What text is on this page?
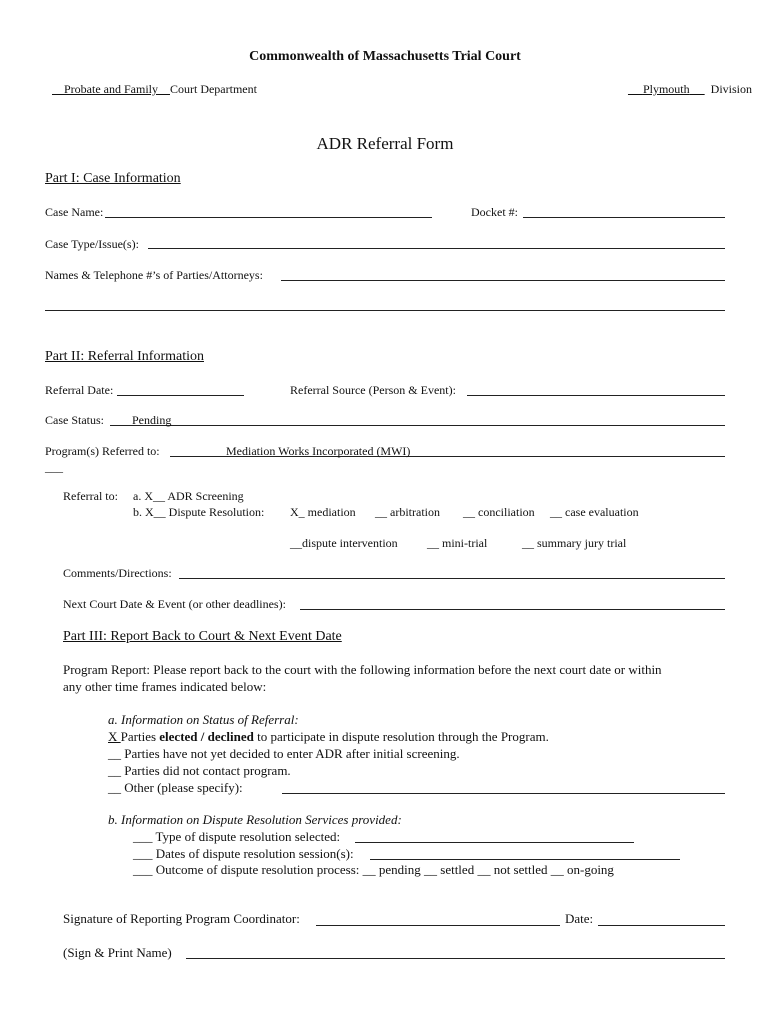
Commonwealth of Massachusetts Trial Court
Probate and Family Court Department	Plymouth Division
ADR Referral Form
Part I: Case Information
Case Name:	Docket #:
Case Type/Issue(s):
Names & Telephone #’s of Parties/Attorneys:
Part II: Referral Information
Referral Date:	Referral Source (Person & Event):
Case Status: Pending
Program(s) Referred to:	Mediation Works Incorporated (MWI)
___
Referral to: a. X__ ADR Screening
b. X__ Dispute Resolution: X_ mediation __ arbitration __ conciliation __ case evaluation
__dispute intervention __ mini-trial	__ summary jury trial
Comments/Directions:
Next Court Date & Event (or other deadlines):
Part III: Report Back to Court & Next Event Date
Program Report: Please report back to the court with the following information before the next court date or within
any other time frames indicated below:
a. Information on Status of Referral:
X Parties elected / declined to participate in dispute resolution through the Program.
__ Parties have not yet decided to enter ADR after initial screening.
__ Parties did not contact program.
__ Other (please specify):
b. Information on Dispute Resolution Services provided:
___ Type of dispute resolution selected:
___ Dates of dispute resolution session(s):
___ Outcome of dispute resolution process: __ pending __ settled __ not settled __ on-going
Signature of Reporting Program Coordinator:	Date:
(Sign & Print Name)
